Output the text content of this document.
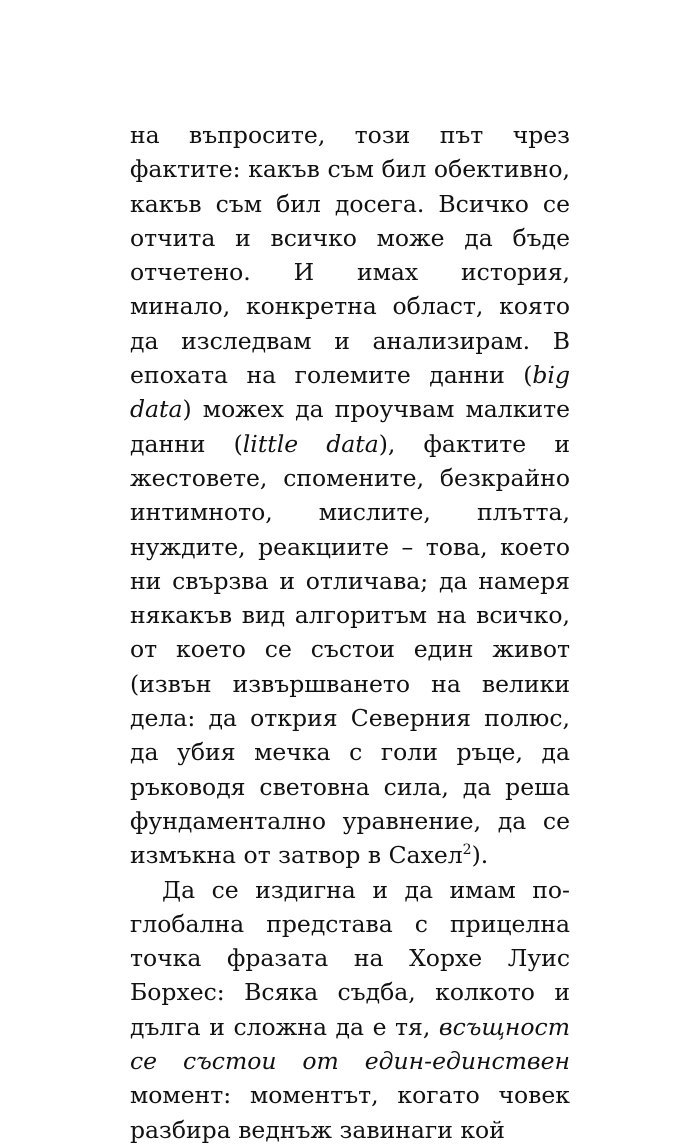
на въпросите, този път чрез фактите: какъв съм бил обективно, какъв съм бил досега. Всичко се отчита и всичко може да бъде отчетено. И имах история, минало, конкретна област, която да изследвам и анализирам. В епохата на големите данни (big data) можех да проучвам малките данни (little data), фактите и жестовете, спомените, безкрайно интимното, мислите, плътта, нуждите, реакциите – това, което ни свързва и отличава; да намеря някакъв вид алгоритъм на всичко, от което се състои един живот (извън извършването на велики дела: да открия Северния полюс, да убия мечка с голи ръце, да ръководя световна сила, да реша фундаментално уравнение, да се измъкна от затвор в Сахел$^2$).

Да се издигна и да имам по-глобална представа с прицелна точка фразата на Хорхе Луис Борхес: Всяка съдба, колкото и дълга и сложна да е тя, всъщност се състои от един-единствен момент: моментът, когато човек разбира веднъж завинаги кой
